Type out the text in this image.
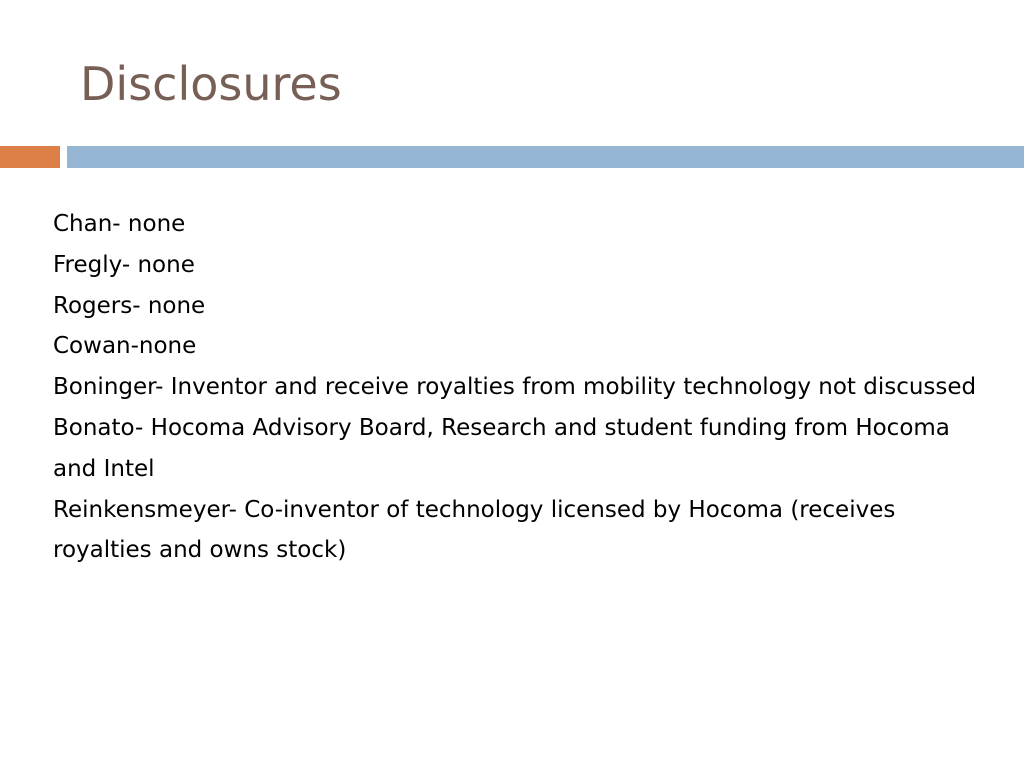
Disclosures
Chan- none
Fregly- none
Rogers- none
Cowan-none
Boninger- Inventor and receive royalties from mobility technology not discussed
Bonato- Hocoma Advisory Board, Research and student funding from Hocoma and Intel
Reinkensmeyer- Co-inventor of technology licensed by Hocoma (receives royalties and owns stock)
